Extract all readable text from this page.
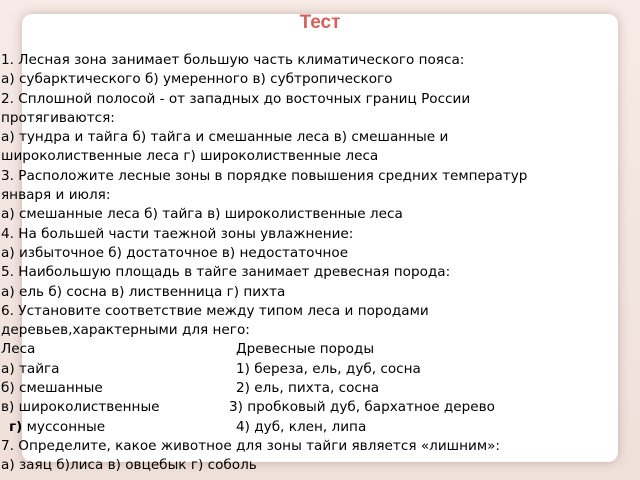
Тест
1. Лесная зона занимает большую часть климатического пояса:
а) субарктического б) умеренного в) субтропического
2. Сплошной полосой - от западных до восточных границ России
протягиваются:
а) тундра и тайга б) тайга и смешанные леса в) смешанные и
широколиственные леса г) широколиственные леса
3. Расположите лесные зоны в порядке повышения средних температур
января и июля:
а) смешанные леса б) тайга в) широколиственные леса
4. На большей части таежной зоны увлажнение:
а) избыточное б) достаточное в) недостаточное
5. Наибольшую площадь в тайге занимает древесная порода:
а) ель б) сосна в) лиственница г) пихта
6. Установите соответствие между типом леса и породами
деревьев,характерными для него:
Леса	Древесные породы
а) тайга	1) береза, ель, дуб, сосна
б) смешанные	2) ель, пихта, сосна
в) широколиственные	3) пробковый дуб, бархатное дерево
г) муссонные	4) дуб, клен, липа
7. Определите, какое животное для зоны тайги является «лишним»:
а) заяц б)лиса в) овцебык г) соболь
